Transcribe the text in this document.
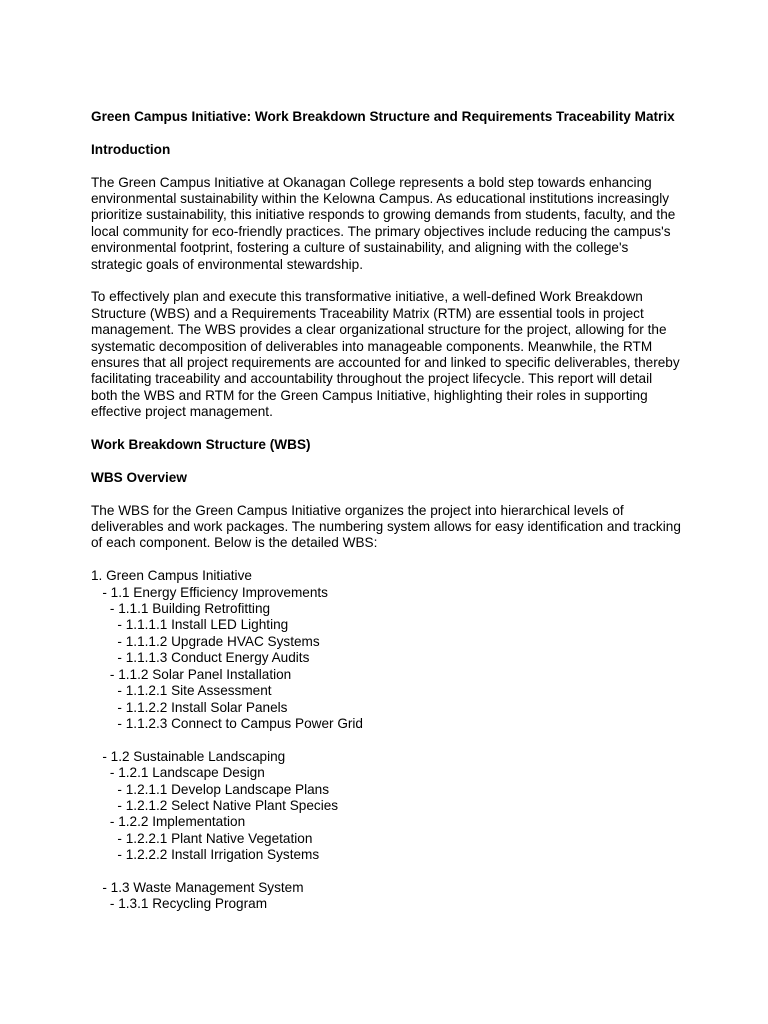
Green Campus Initiative: Work Breakdown Structure and Requirements Traceability Matrix

Introduction

The Green Campus Initiative at Okanagan College represents a bold step towards enhancing environmental sustainability within the Kelowna Campus. As educational institutions increasingly prioritize sustainability, this initiative responds to growing demands from students, faculty, and the local community for eco-friendly practices. The primary objectives include reducing the campus's environmental footprint, fostering a culture of sustainability, and aligning with the college's strategic goals of environmental stewardship.

To effectively plan and execute this transformative initiative, a well-defined Work Breakdown Structure (WBS) and a Requirements Traceability Matrix (RTM) are essential tools in project management. The WBS provides a clear organizational structure for the project, allowing for the systematic decomposition of deliverables into manageable components. Meanwhile, the RTM ensures that all project requirements are accounted for and linked to specific deliverables, thereby facilitating traceability and accountability throughout the project lifecycle. This report will detail both the WBS and RTM for the Green Campus Initiative, highlighting their roles in supporting effective project management.

Work Breakdown Structure (WBS)

WBS Overview

The WBS for the Green Campus Initiative organizes the project into hierarchical levels of deliverables and work packages. The numbering system allows for easy identification and tracking of each component. Below is the detailed WBS:

1. Green Campus Initiative

- 1.1 Energy Efficiency Improvements

- 1.1.1 Building Retrofitting

- 1.1.1.1 Install LED Lighting

- 1.1.1.2 Upgrade HVAC Systems

- 1.1.1.3 Conduct Energy Audits

- 1.1.2 Solar Panel Installation

- 1.1.2.1 Site Assessment

- 1.1.2.2 Install Solar Panels

- 1.1.2.3 Connect to Campus Power Grid

- 1.2 Sustainable Landscaping

- 1.2.1 Landscape Design

- 1.2.1.1 Develop Landscape Plans

- 1.2.1.2 Select Native Plant Species

- 1.2.2 Implementation

- 1.2.2.1 Plant Native Vegetation

- 1.2.2.2 Install Irrigation Systems

- 1.3 Waste Management System

- 1.3.1 Recycling Program
